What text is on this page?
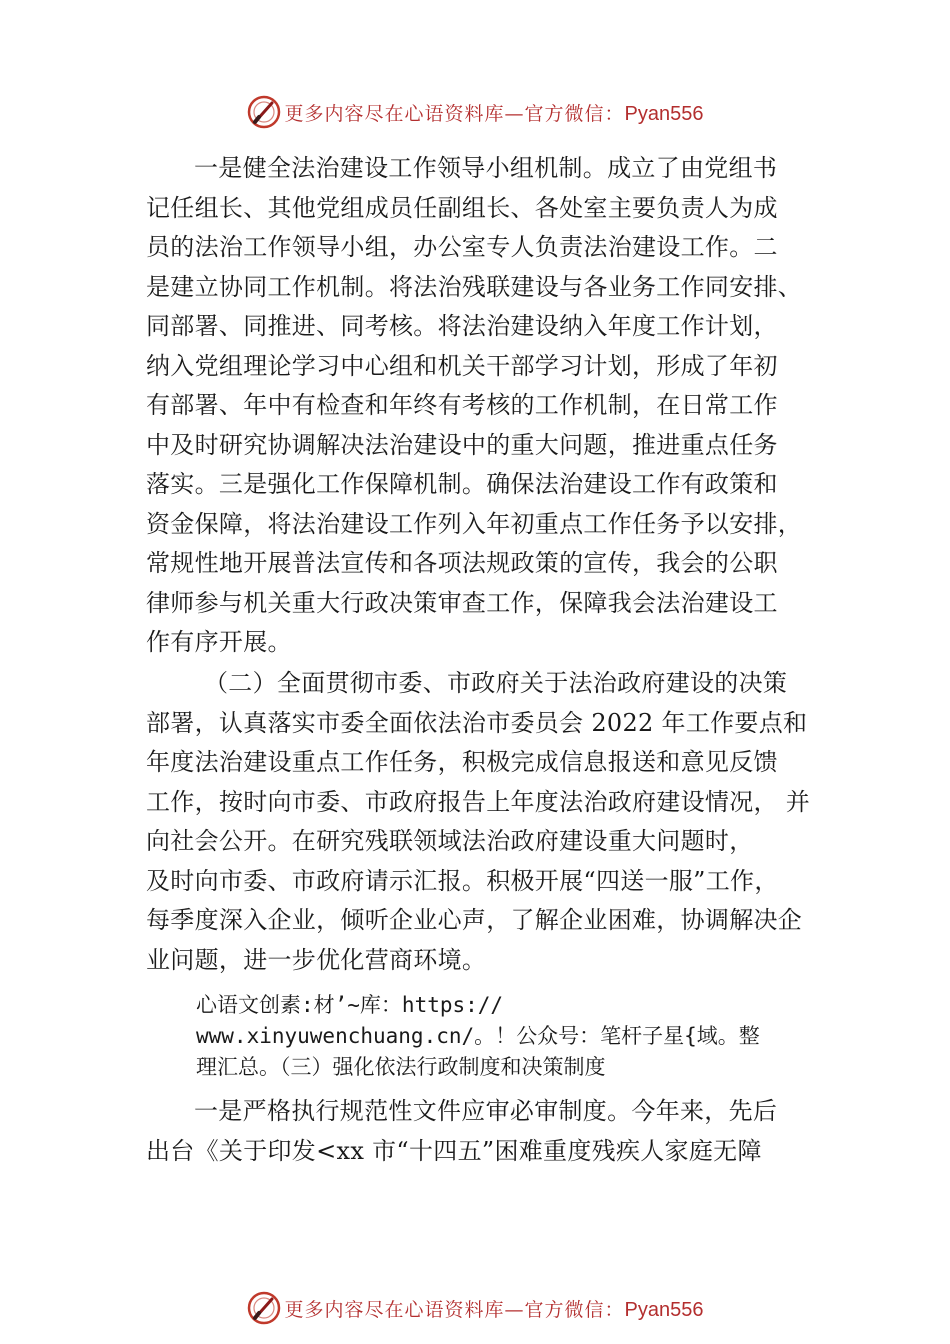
更多内容尽在心语资料库—官方微信：Pyan556
一是健全法治建设工作领导小组机制。成立了由党组书
记任组长、其他党组成员任副组长、各处室主要负责人为成
员的法治工作领导小组，办公室专人负责法治建设工作。二
是建立协同工作机制。将法治残联建设与各业务工作同安排、
同部署、同推进、同考核。将法治建设纳入年度工作计划，
纳入党组理论学习中心组和机关干部学习计划，形成了年初
有部署、年中有检查和年终有考核的工作机制，在日常工作
中及时研究协调解决法治建设中的重大问题，推进重点任务
落实。三是强化工作保障机制。确保法治建设工作有政策和
资金保障，将法治建设工作列入年初重点工作任务予以安排，
常规性地开展普法宣传和各项法规政策的宣传，我会的公职
律师参与机关重大行政决策审查工作，保障我会法治建设工
作有序开展。
（二）全面贯彻市委、市政府关于法治政府建设的决策
部署，认真落实市委全面依法治市委员会 2022 年工作要点和
年度法治建设重点工作任务，积极完成信息报送和意见反馈
工作，按时向市委、市政府报告上年度法治政府建设情况， 并
向社会公开。在研究残联领域法治政府建设重大问题时，
及时向市委、市政府请示汇报。积极开展“四送一服”工作，
每季度深入企业，倾听企业心声，了解企业困难，协调解决企
业问题，进一步优化营商环境。
心语文创素:材’~库：https://
www.xinyuwenchuang.cn/。！公众号：笔杆子星{域。整
理汇总。（三）强化依法行政制度和决策制度
一是严格执行规范性文件应审必审制度。今年来，先后
出台《关于印发<xx 市“十四五”困难重度残疾人家庭无障
更多内容尽在心语资料库—官方微信：Pyan556
